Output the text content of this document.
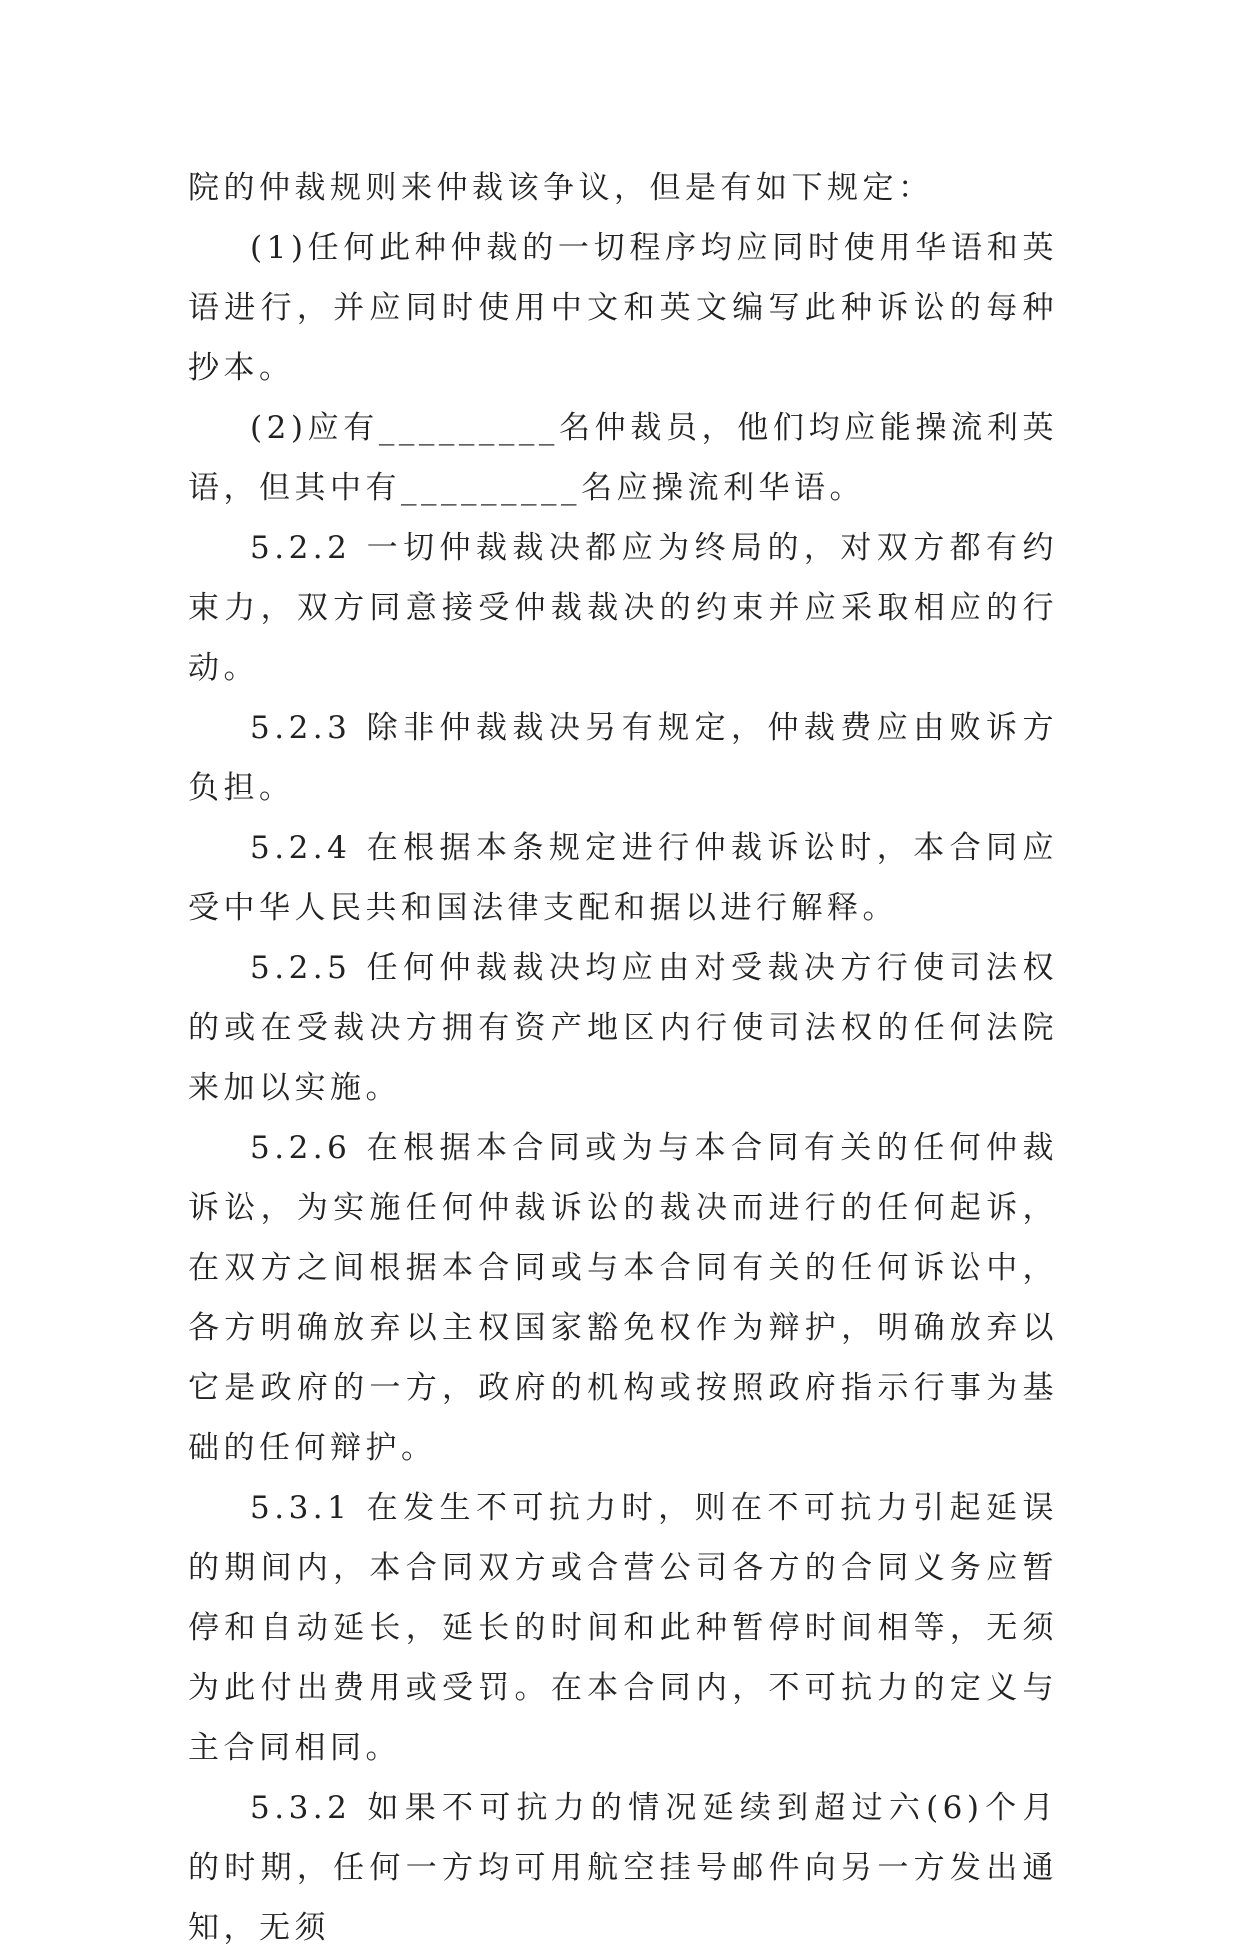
院的仲裁规则来仲裁该争议，但是有如下规定：

(1)任何此种仲裁的一切程序均应同时使用华语和英语进行，并应同时使用中文和英文编写此种诉讼的每种抄本。

(2)应有_________名仲裁员，他们均应能操流利英语，但其中有_________名应操流利华语。

5.2.2 一切仲裁裁决都应为终局的，对双方都有约束力，双方同意接受仲裁裁决的约束并应采取相应的行动。

5.2.3 除非仲裁裁决另有规定，仲裁费应由败诉方负担。

5.2.4 在根据本条规定进行仲裁诉讼时，本合同应受中华人民共和国法律支配和据以进行解释。

5.2.5 任何仲裁裁决均应由对受裁决方行使司法权的或在受裁决方拥有资产地区内行使司法权的任何法院来加以实施。

5.2.6 在根据本合同或为与本合同有关的任何仲裁诉讼，为实施任何仲裁诉讼的裁决而进行的任何起诉，在双方之间根据本合同或与本合同有关的任何诉讼中，各方明确放弃以主权国家豁免权作为辩护，明确放弃以它是政府的一方，政府的机构或按照政府指示行事为基础的任何辩护。

5.3.1 在发生不可抗力时，则在不可抗力引起延误的期间内，本合同双方或合营公司各方的合同义务应暂停和自动延长，延长的时间和此种暂停时间相等，无须为此付出费用或受罚。在本合同内，不可抗力的定义与主合同相同。

5.3.2 如果不可抗力的情况延续到超过六(6)个月的时期，任何一方均可用航空挂号邮件向另一方发出通知，无须
